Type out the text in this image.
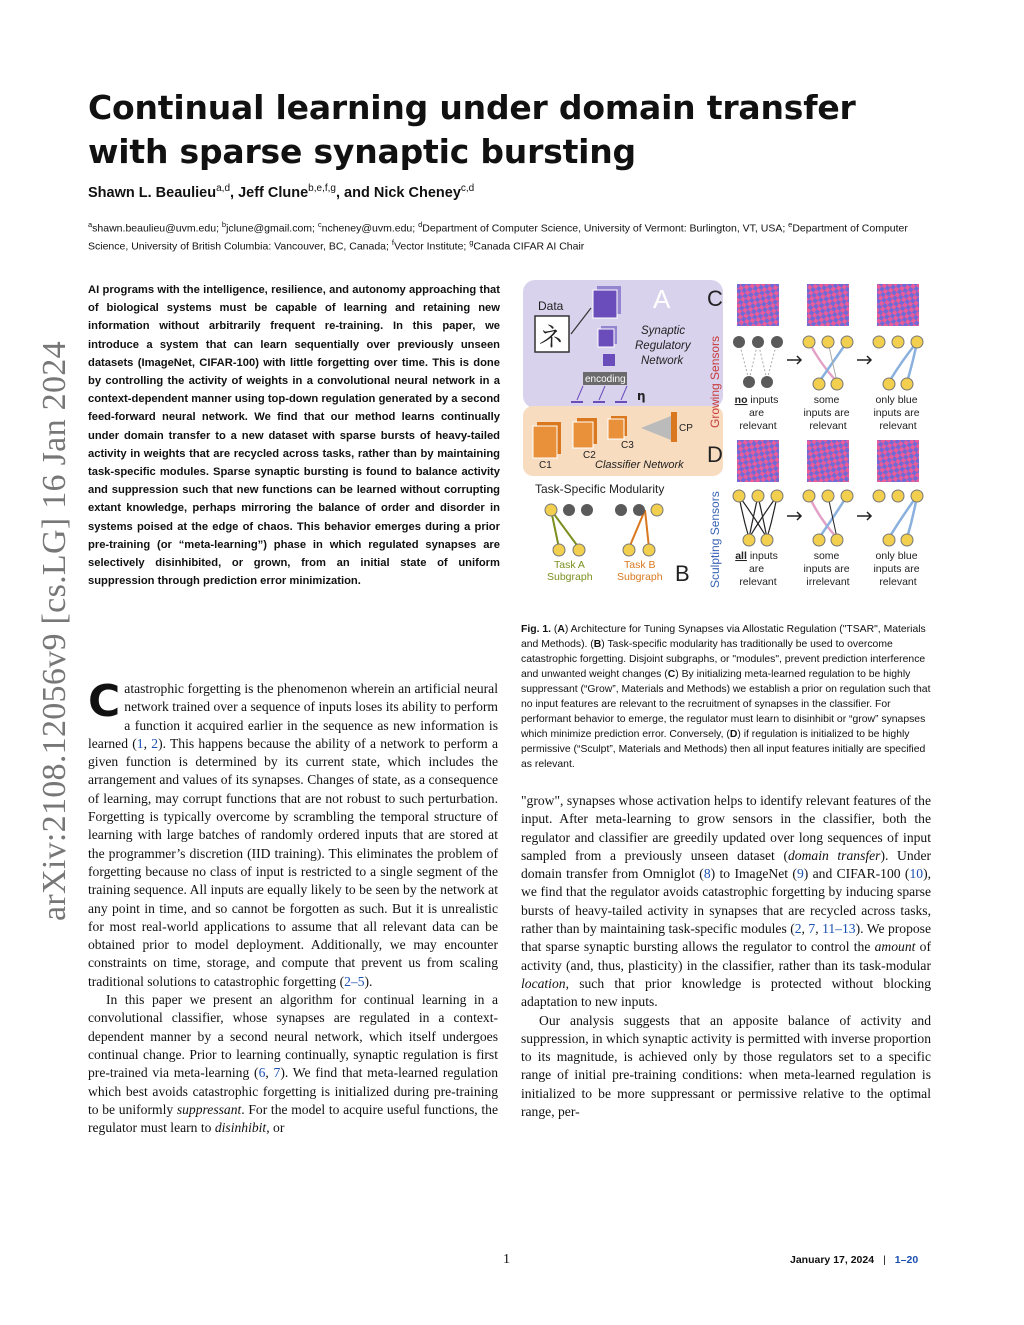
arXiv:2108.12056v9 [cs.LG] 16 Jan 2024
Continual learning under domain transfer with sparse synaptic bursting
Shawn L. Beaulieu$^{a,d}$, Jeff Clune$^{b,e,f,g}$, and Nick Cheney$^{c,d}$
$^a$shawn.beaulieu@uvm.edu; $^b$jclune@gmail.com; $^c$ncheney@uvm.edu; $^d$Department of Computer Science, University of Vermont: Burlington, VT, USA; $^e$Department of Computer Science, University of British Columbia: Vancouver, BC, Canada; $^f$Vector Institute; $^g$Canada CIFAR AI Chair
AI programs with the intelligence, resilience, and autonomy approaching that of biological systems must be capable of learning and retaining new information without arbitrarily frequent re-training. In this paper, we introduce a system that can learn sequentially over previously unseen datasets (ImageNet, CIFAR-100) with little forgetting over time. This is done by controlling the activity of weights in a convolutional neural network in a context-dependent manner using top-down regulation generated by a second feed-forward neural network. We find that our method learns continually under domain transfer to a new dataset with sparse bursts of heavy-tailed activity in weights that are recycled across tasks, rather than by maintaining task-specific modules. Sparse synaptic bursting is found to balance activity and suppression such that new functions can be learned without corrupting extant knowledge, perhaps mirroring the balance of order and disorder in systems poised at the edge of chaos. This behavior emerges during a prior pre-training (or “meta-learning”) phase in which regulated synapses are selectively disinhibited, or grown, from an initial state of uniform suppression through prediction error minimization.
A
Data
ネ	Synaptic
Regulatory
Network
encoding
η
CP
C1
C2
C3
Classifier Network
Task-Specific Modularity
Task A
Subgraph
Task B
Subgraph B
C
D
Growing Sensors
Sculpting Sensors
no inputs are relevant
some inputs are relevant
only blue inputs are relevant
all inputs are relevant
some inputs are irrelevant
only blue inputs are relevant
Fig. 1. (A) Architecture for Tuning Synapses via Allostatic Regulation ("TSAR", Materials and Methods). (B) Task-specific modularity has traditionally be used to overcome catastrophic forgetting. Disjoint subgraphs, or "modules", prevent prediction interference and unwanted weight changes (C) By initializing meta-learned regulation to be highly suppressant (“Grow”, Materials and Methods) we establish a prior on regulation such that no input features are relevant to the recruitment of synapses in the classifier. For performant behavior to emerge, the regulator must learn to disinhibit or “grow” synapses which minimize prediction error. Conversely, (D) if regulation is initialized to be highly permissive (“Sculpt”, Materials and Methods) then all input features initially are specified as relevant.

Catastrophic forgetting is the phenomenon wherein an artificial neural network trained over a sequence of inputs loses its ability to perform a function it acquired earlier in the sequence as new information is learned (1, 2). This happens because the ability of a network to perform a given function is determined by its current state, which includes the arrangement and values of its synapses. Changes of state, as a consequence of learning, may corrupt functions that are not robust to such perturbation. Forgetting is typically overcome by scrambling the temporal structure of learning with large batches of randomly ordered inputs that are stored at the programmer’s discretion (IID training). This eliminates the problem of forgetting because no class of input is restricted to a single segment of the training sequence. All inputs are equally likely to be seen by the network at any point in time, and so cannot be forgotten as such. But it is unrealistic for most real-world applications to assume that all relevant data can be obtained prior to model deployment. Additionally, we may encounter constraints on time, storage, and compute that prevent us from scaling traditional solutions to catastrophic forgetting (2–5).

In this paper we present an algorithm for continual learning in a convolutional classifier, whose synapses are regulated in a context-dependent manner by a second neural network, which itself undergoes continual change. Prior to learning continually, synaptic regulation is first pre-trained via meta-learning (6, 7). We find that meta-learned regulation which best avoids catastrophic forgetting is initialized during pre-training to be uniformly suppressant. For the model to acquire useful functions, the regulator must learn to disinhibit, or

"grow", synapses whose activation helps to identify relevant features of the input. After meta-learning to grow sensors in the classifier, both the regulator and classifier are greedily updated over long sequences of input sampled from a previously unseen dataset (domain transfer). Under domain transfer from Omniglot (8) to ImageNet (9) and CIFAR-100 (10), we find that the regulator avoids catastrophic forgetting by inducing sparse bursts of heavy-tailed activity in synapses that are recycled across tasks, rather than by maintaining task-specific modules (2, 7, 11–13). We propose that sparse synaptic bursting allows the regulator to control the amount of activity (and, thus, plasticity) in the classifier, rather than its task-modular location, such that prior knowledge is protected without blocking adaptation to new inputs.

Our analysis suggests that an apposite balance of activity and suppression, in which synaptic activity is permitted with inverse proportion to its magnitude, is achieved only by those regulators set to a specific range of initial pre-training conditions: when meta-learned regulation is initialized to be more suppressant or permissive relative to the optimal range, per-

1	January 17, 2024 | 1–20
